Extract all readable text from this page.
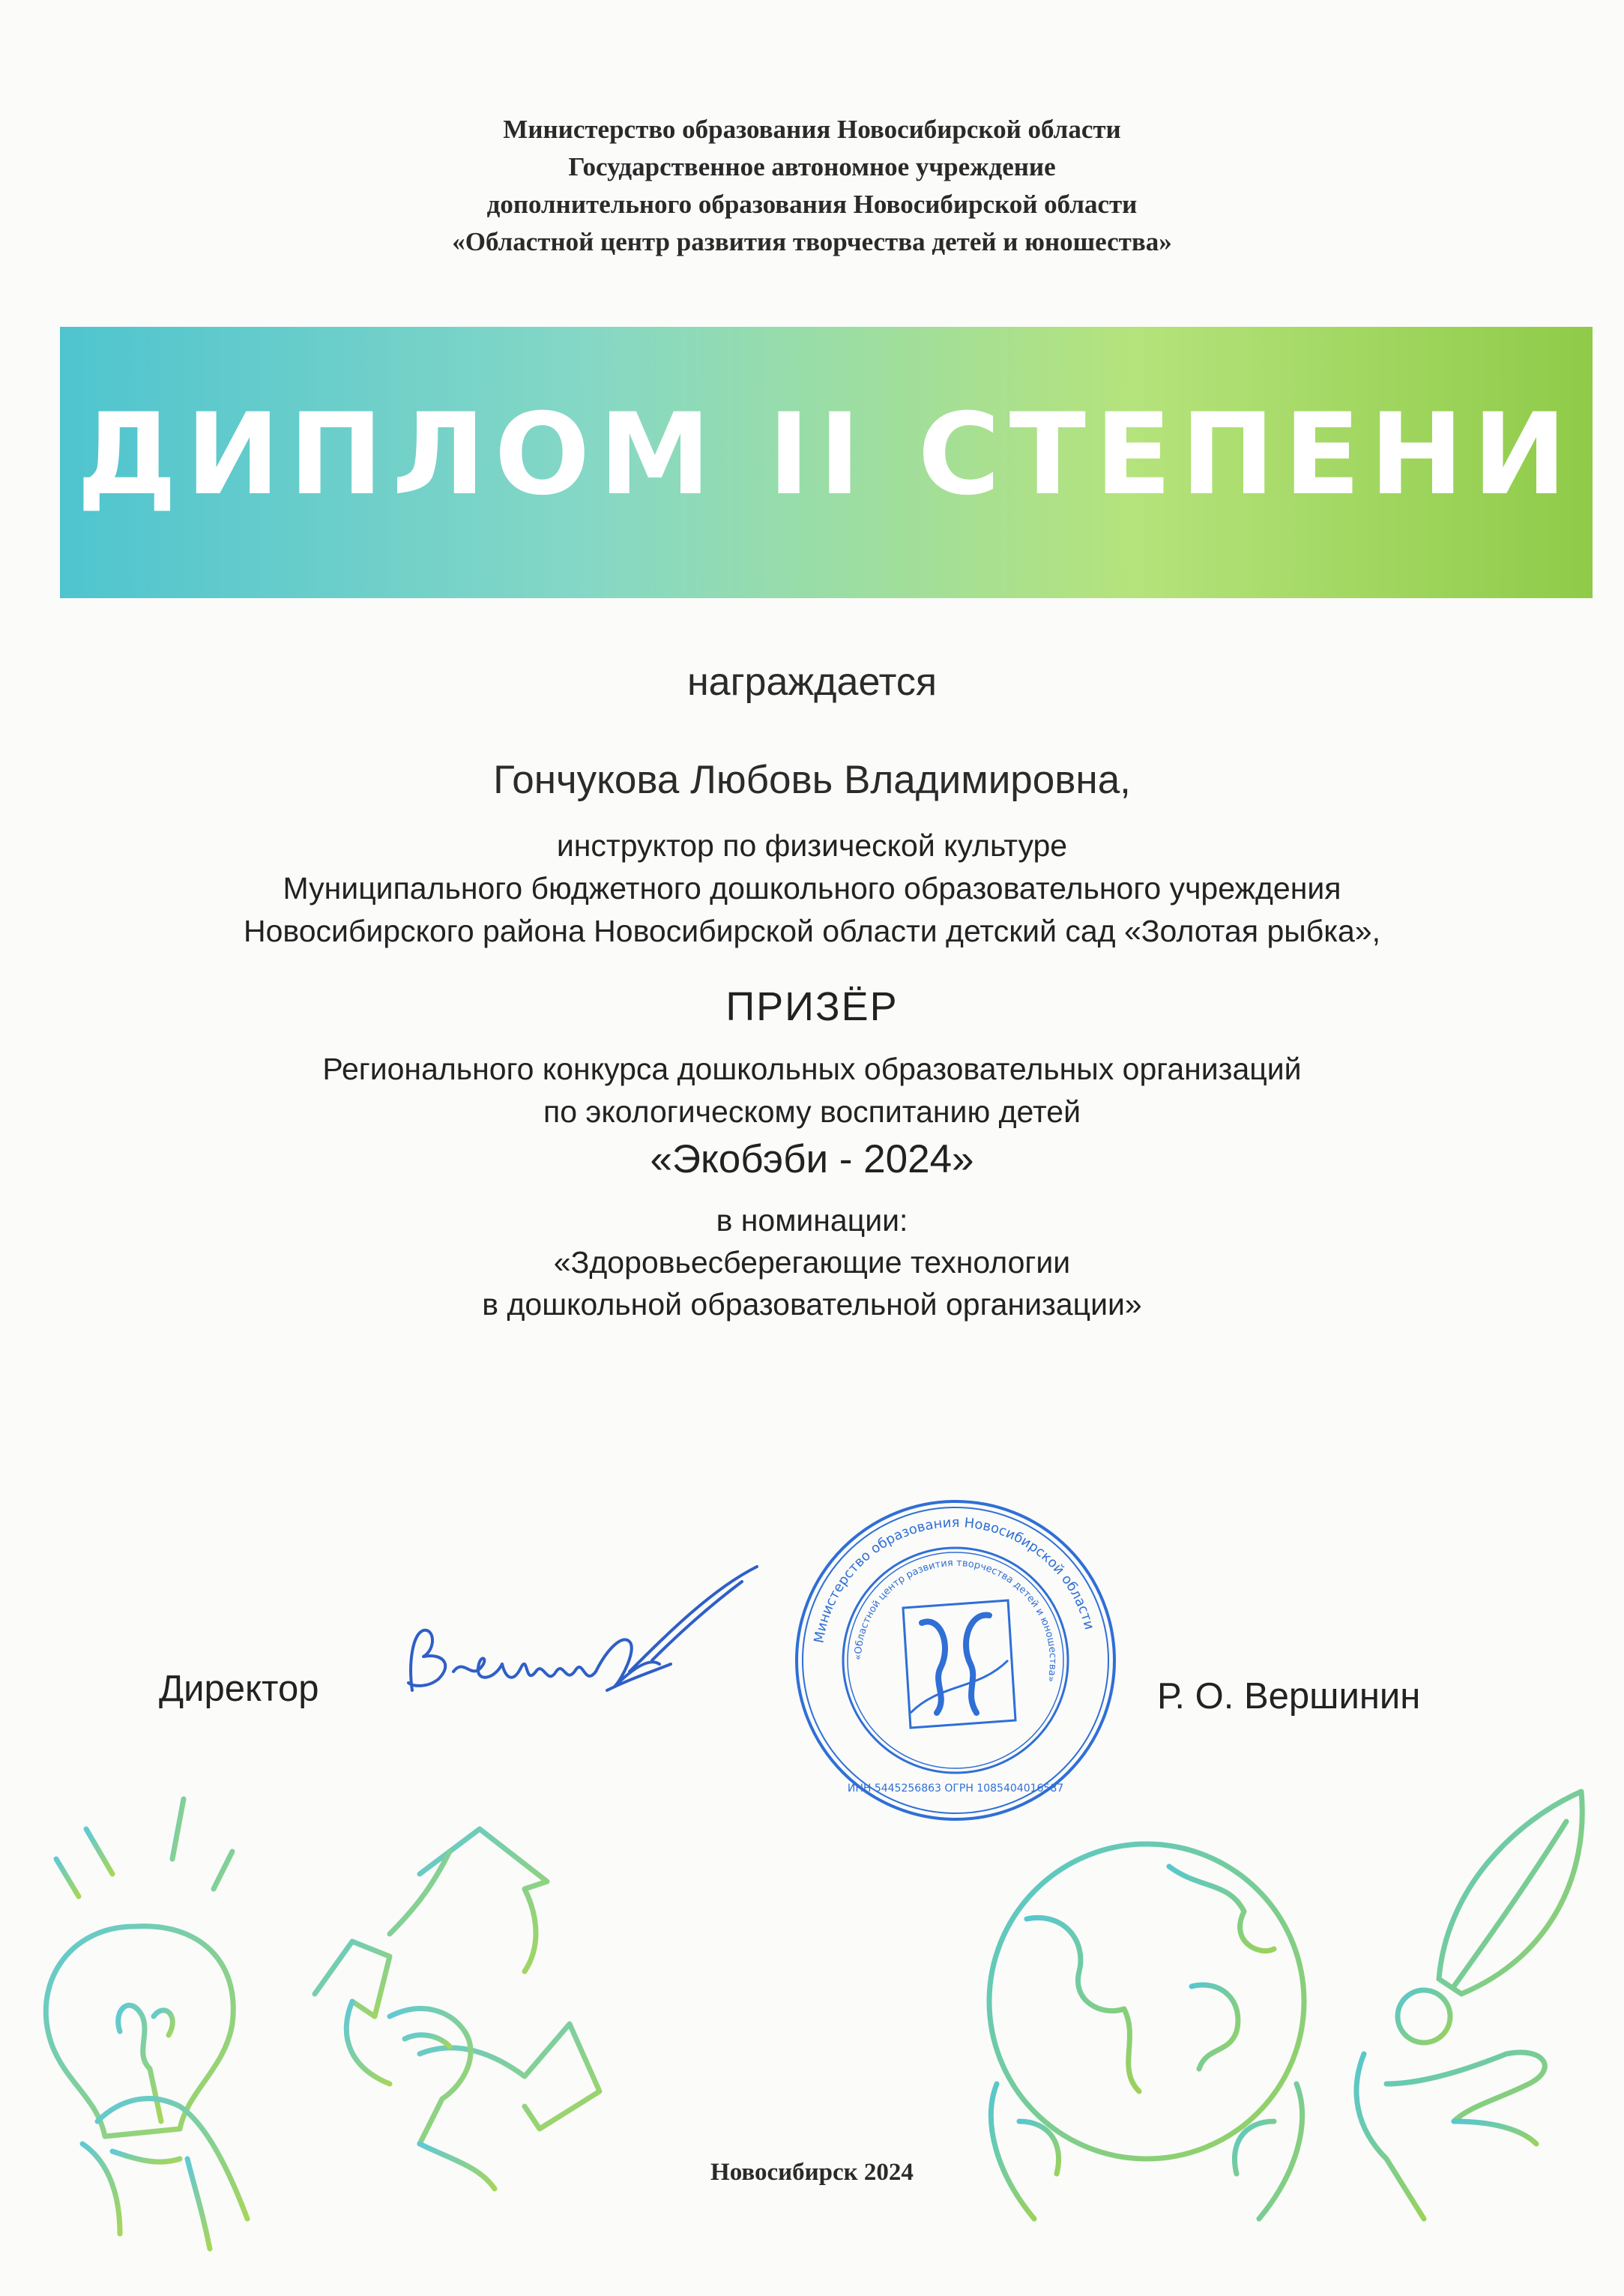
Министерство образования Новосибирской области
Государственное автономное учреждение
дополнительного образования Новосибирской области
«Областной центр развития творчества детей и юношества»
ДИПЛОМ II СТЕПЕНИ
награждается
Гончукова Любовь Владимировна,
инструктор по физической культуре
Муниципального бюджетного дошкольного образовательного учреждения
Новосибирского района Новосибирской области детский сад «Золотая рыбка»,
ПРИЗЁР
Регионального конкурса дошкольных образовательных организаций
по экологическому воспитанию детей
«Экобэби - 2024»
в номинации:
«Здоровьесберегающие технологии
в дошкольной образовательной организации»
Директор
Министерство образования Новосибирской области
«Областной центр развития творчества детей и юношества»
ИНН 5445256863 ОГРН 1085404016587
Р. О. Вершинин
Новосибирск 2024
